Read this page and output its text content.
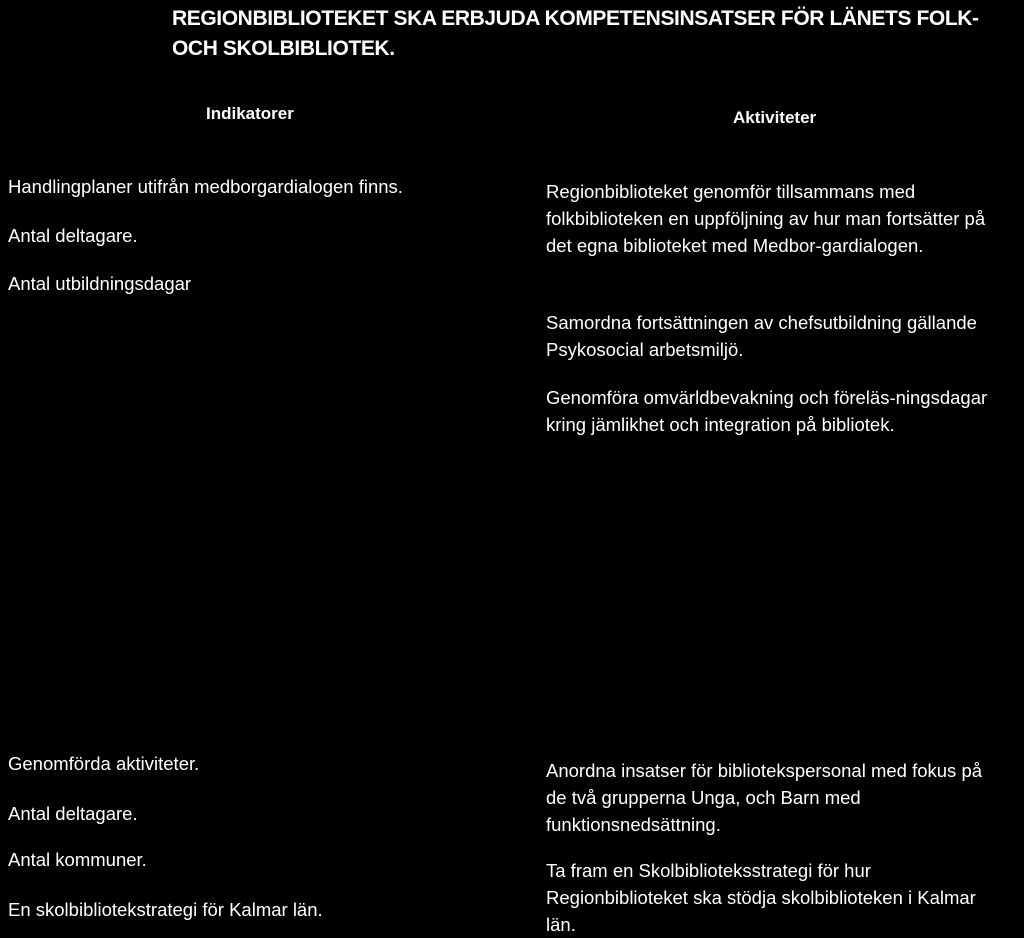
REGIONBIBLIOTEKET SKA ERBJUDA KOMPETENSINSATSER FÖR LÄNETS FOLK- OCH SKOLBIBLIOTEK.
Indikatorer	Aktiviteter

Handlingplaner utifrån medborgardialogen finns.

Antal deltagare.

Antal utbildningsdagar

Regionbiblioteket genomför tillsammans med folkbiblioteken en uppföljning av hur man fortsätter på det egna biblioteket med Medbor-gardialogen.

Samordna fortsättningen av chefsutbildning gällande Psykosocial arbetsmiljö.

Genomföra omvärldbevakning och föreläs-ningsdagar kring jämlikhet och integration på bibliotek.

Genomförda aktiviteter.

Antal deltagare.

Antal kommuner.

En skolbibliotekstrategi för Kalmar län.

Anordna insatser för bibliotekspersonal med fokus på de två grupperna Unga, och Barn med funktionsnedsättning.

Ta fram en Skolbiblioteksstrategi för hur Regionbiblioteket ska stödja skolbiblioteken i Kalmar län.
